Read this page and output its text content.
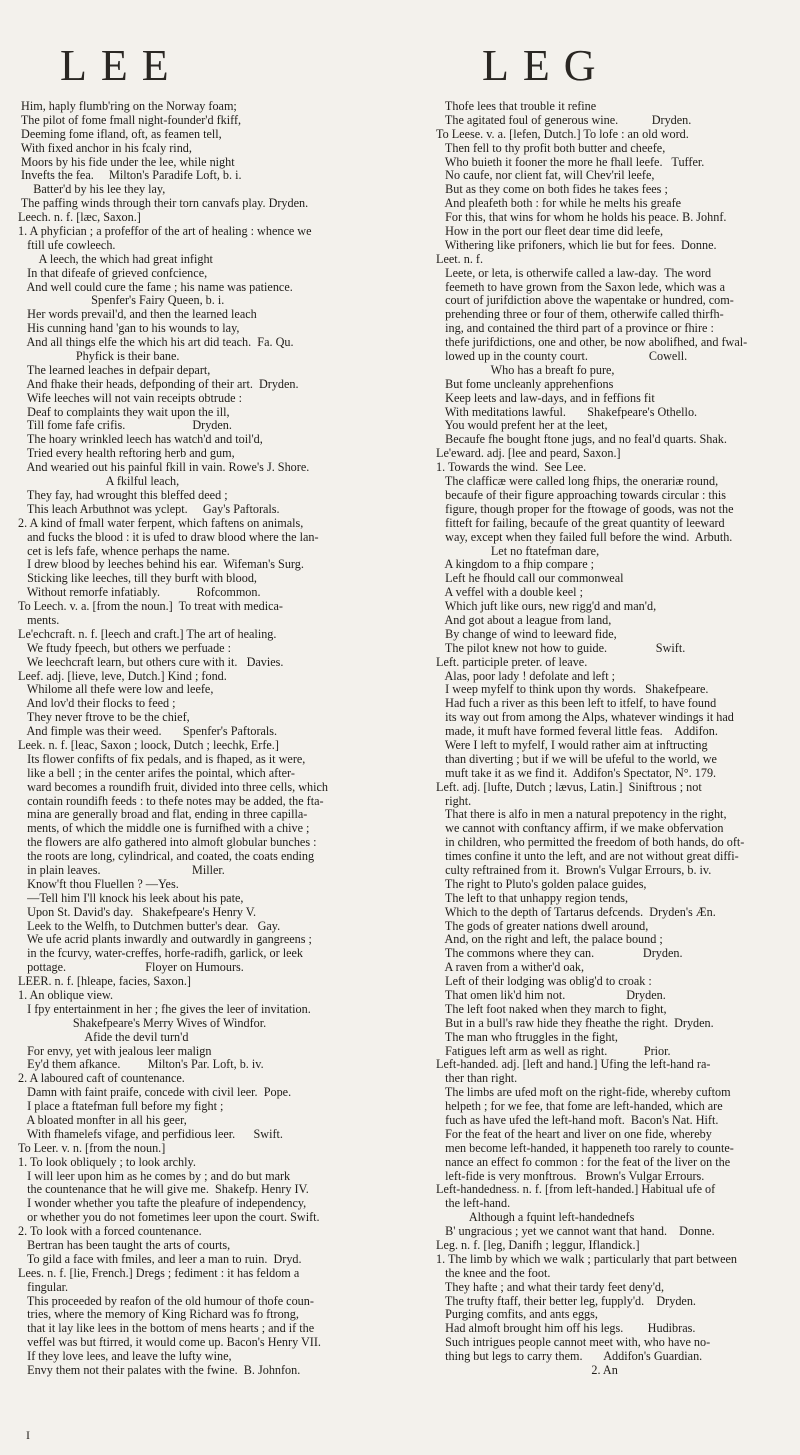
LEE	LEG
Him, haply flumb'ring on the Norway foam;
The pilot of fome fmall night-founder'd fkiff,
Deeming fome ifland, oft, as feamen tell,
With fixed anchor in his fcaly rind,
Moors by his fide under the lee, while night
Invefts the fea.     Milton's Paradife Loft, b. i.
Batter'd by his lee they lay,
The paffing winds through their torn canvafs play. Dryden.
Leech. n. f. [læc, Saxon.]
1. A phyfician ; a profeffor of the art of healing : whence we
ftill ufe cowleech.
A leech, the which had great infight
In that difeafe of grieved confcience,
And well could cure the fame ; his name was patience.
Spenfer's Fairy Queen, b. i.
Her words prevail'd, and then the learned leach
His cunning hand 'gan to his wounds to lay,
And all things elfe the which his art did teach.  Fa. Qu.
Phyfick is their bane.
The learned leaches in defpair depart,
And fhake their heads, defponding of their art.  Dryden.
Wife leeches will not vain receipts obtrude :
Deaf to complaints they wait upon the ill,
Till fome fafe crifis.                      Dryden.
The hoary wrinkled leech has watch'd and toil'd,
Tried every health reftoring herb and gum,
And wearied out his painful fkill in vain. Rowe's J. Shore.
A fkilful leach,
They fay, had wrought this bleffed deed ;
This leach Arbuthnot was yclept.     Gay's Paftorals.
2. A kind of fmall water ferpent, which faftens on animals,
and fucks the blood : it is ufed to draw blood where the lan-
cet is lefs fafe, whence perhaps the name.
I drew blood by leeches behind his ear.  Wifeman's Surg.
Sticking like leeches, till they burft with blood,
Without remorfe infatiably.            Rofcommon.
To Leech. v. a. [from the noun.]  To treat with medica-
ments.
Le'echcraft. n. f. [leech and craft.] The art of healing.
We ftudy fpeech, but others we perfuade :
We leechcraft learn, but others cure with it.   Davies.
Leef. adj. [lieve, leve, Dutch.] Kind ; fond.
Whilome all thefe were low and leefe,
And lov'd their flocks to feed ;
They never ftrove to be the chief,
And fimple was their weed.       Spenfer's Paftorals.
Leek. n. f. [leac, Saxon ; loock, Dutch ; leechk, Erfe.]
Its flower confifts of fix pedals, and is fhaped, as it were,
like a bell ; in the center arifes the pointal, which after-
ward becomes a roundifh fruit, divided into three cells, which
contain roundifh feeds : to thefe notes may be added, the fta-
mina are generally broad and flat, ending in three capilla-
ments, of which the middle one is furnifhed with a chive ;
the flowers are alfo gathered into almoft globular bunches :
the roots are long, cylindrical, and coated, the coats ending
in plain leaves.                              Miller.
Know'ft thou Fluellen ? —Yes.
—Tell him I'll knock his leek about his pate,
Upon St. David's day.   Shakefpeare's Henry V.
Leek to the Welfh, to Dutchmen butter's dear.   Gay.
We ufe acrid plants inwardly and outwardly in gangreens ;
in the fcurvy, water-creffes, horfe-radifh, garlick, or leek
pottage.                          Floyer on Humours.
LEER. n. f. [hleape, facies, Saxon.]
1. An oblique view.
I fpy entertainment in her ; fhe gives the leer of invitation.
Shakefpeare's Merry Wives of Windfor.
Afide the devil turn'd
For envy, yet with jealous leer malign
Ey'd them afkance.         Milton's Par. Loft, b. iv.
2. A laboured caft of countenance.
Damn with faint praife, concede with civil leer.  Pope.
I place a ftatefman full before my fight ;
A bloated monfter in all his geer,
With fhamelefs vifage, and perfidious leer.      Swift.
To Leer. v. n. [from the noun.]
1. To look obliquely ; to look archly.
I will leer upon him as he comes by ; and do but mark
the countenance that he will give me.  Shakefp. Henry IV.
I wonder whether you tafte the pleafure of independency,
or whether you do not fometimes leer upon the court. Swift.
2. To look with a forced countenance.
Bertran has been taught the arts of courts,
To gild a face with fmiles, and leer a man to ruin.  Dryd.
Lees. n. f. [lie, French.] Dregs ; fediment : it has feldom a
fingular.
This proceeded by reafon of the old humour of thofe coun-
tries, where the memory of King Richard was fo ftrong,
that it lay like lees in the bottom of mens hearts ; and if the
veffel was but ftirred, it would come up. Bacon's Henry VII.
If they love lees, and leave the lufty wine,
Envy them not their palates with the fwine.  B. Johnfon.
Thofe lees that trouble it refine
The agitated foul of generous wine.           Dryden.
To Leese. v. a. [lefen, Dutch.] To lofe : an old word.
Then fell to thy profit both butter and cheefe,
Who buieth it fooner the more he fhall leefe.   Tuffer.
No caufe, nor client fat, will Chev'ril leefe,
But as they come on both fides he takes fees ;
And pleafeth both : for while he melts his greafe
For this, that wins for whom he holds his peace. B. Johnf.
How in the port our fleet dear time did leefe,
Withering like prifoners, which lie but for fees.  Donne.
Leet. n. f.
Leete, or leta, is otherwife called a law-day.  The word
feemeth to have grown from the Saxon lede, which was a
court of jurifdiction above the wapentake or hundred, com-
prehending three or four of them, otherwife called thirfh-
ing, and contained the third part of a province or fhire :
thefe jurifdictions, one and other, be now abolifhed, and fwal-
lowed up in the county court.                    Cowell.
Who has a breaft fo pure,
But fome uncleanly apprehenfions
Keep leets and law-days, and in feffions fit
With meditations lawful.       Shakefpeare's Othello.
You would prefent her at the leet,
Becaufe fhe bought ftone jugs, and no feal'd quarts. Shak.
Le'eward. adj. [lee and peard, Saxon.]
1. Towards the wind.  See Lee.
The clafficæ were called long fhips, the onerariæ round,
becaufe of their figure approaching towards circular : this
figure, though proper for the ftowage of goods, was not the
fitteft for failing, becaufe of the great quantity of leeward
way, except when they failed full before the wind.  Arbuth.
Let no ftatefman dare,
A kingdom to a fhip compare ;
Left he fhould call our commonweal
A veffel with a double keel ;
Which juft like ours, new rigg'd and man'd,
And got about a league from land,
By change of wind to leeward fide,
The pilot knew not how to guide.                Swift.
Left. participle preter. of leave.
Alas, poor lady ! defolate and left ;
I weep myfelf to think upon thy words.   Shakefpeare.
Had fuch a river as this been left to itfelf, to have found
its way out from among the Alps, whatever windings it had
made, it muft have formed feveral little feas.    Addifon.
Were I left to myfelf, I would rather aim at inftructing
than diverting ; but if we will be ufeful to the world, we
muft take it as we find it.  Addifon's Spectator, N°. 179.
Left. adj. [lufte, Dutch ; lævus, Latin.]  Siniftrous ; not
right.
That there is alfo in men a natural prepotency in the right,
we cannot with conftancy affirm, if we make obfervation
in children, who permitted the freedom of both hands, do oft-
times confine it unto the left, and are not without great diffi-
culty reftrained from it.  Brown's Vulgar Errours, b. iv.
The right to Pluto's golden palace guides,
The left to that unhappy region tends,
Which to the depth of Tartarus defcends.  Dryden's Æn.
The gods of greater nations dwell around,
And, on the right and left, the palace bound ;
The commons where they can.                Dryden.
A raven from a wither'd oak,
Left of their lodging was oblig'd to croak :
That omen lik'd him not.                    Dryden.
The left foot naked when they march to fight,
But in a bull's raw hide they fheathe the right.  Dryden.
The man who ftruggles in the fight,
Fatigues left arm as well as right.            Prior.
Left-handed. adj. [left and hand.] Ufing the left-hand ra-
ther than right.
The limbs are ufed moft on the right-fide, whereby cuftom
helpeth ; for we fee, that fome are left-handed, which are
fuch as have ufed the left-hand moft.  Bacon's Nat. Hift.
For the feat of the heart and liver on one fide, whereby
men become left-handed, it happeneth too rarely to counte-
nance an effect fo common : for the feat of the liver on the
left-fide is very monftrous.   Brown's Vulgar Errours.
Left-handedness. n. f. [from left-handed.] Habitual ufe of
the left-hand.
Although a fquint left-handednefs
B' ungracious ; yet we cannot want that hand.    Donne.
Leg. n. f. [leg, Danifh ; leggur, Iflandick.]
1. The limb by which we walk ; particularly that part between
the knee and the foot.
They hafte ; and what their tardy feet deny'd,
The trufty ftaff, their better leg, fupply'd.    Dryden.
Purging comfits, and ants eggs,
Had almoft brought him off his legs.        Hudibras.
Such intrigues people cannot meet with, who have no-
thing but legs to carry them.       Addifon's Guardian.
2. An
I
